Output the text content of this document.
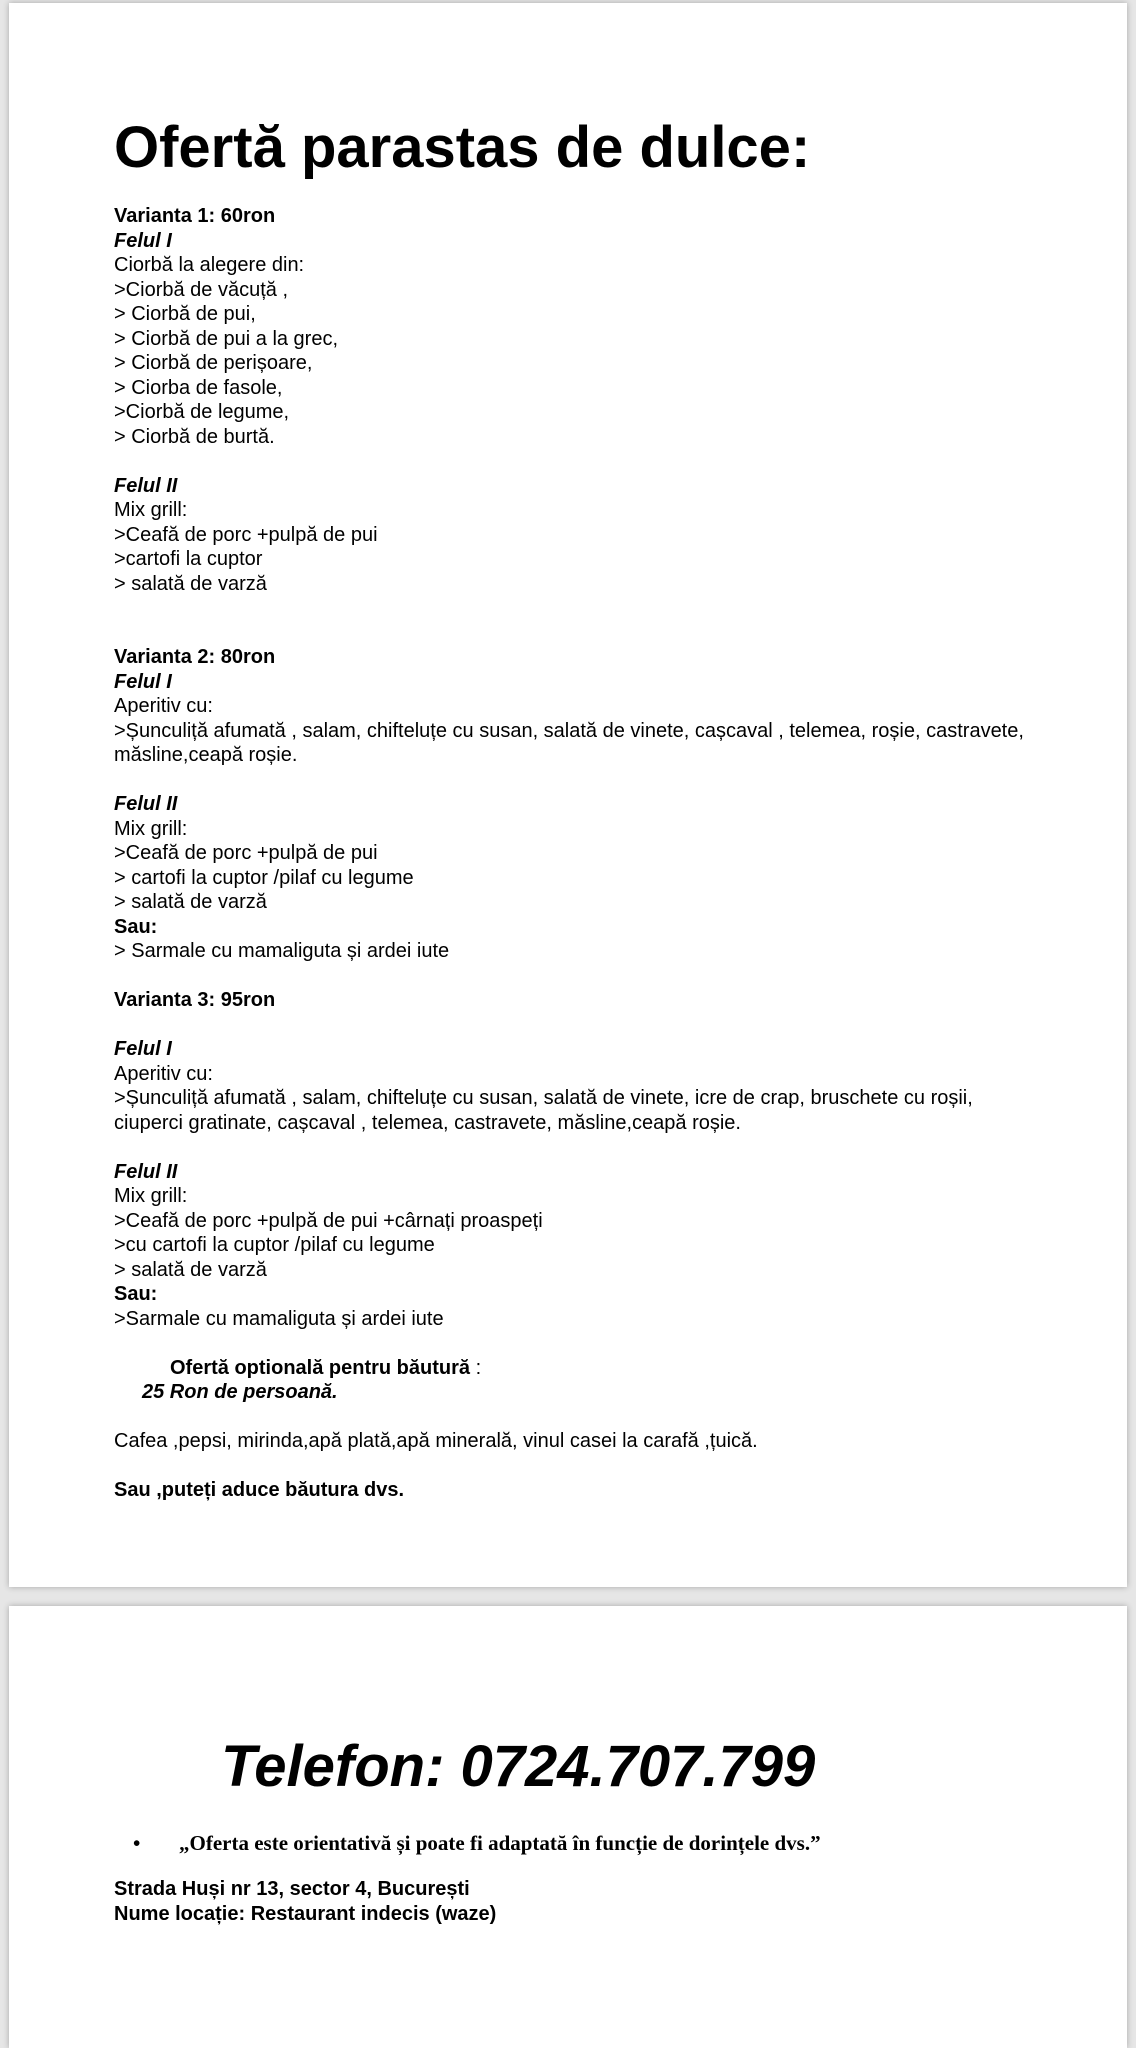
Ofertă parastas de dulce:
Varianta 1: 60ron
Felul I
Ciorbă la alegere din:
>Ciorbă de văcuță ,
> Ciorbă de pui,
> Ciorbă de pui a la grec,
> Ciorbă de perișoare,
> Ciorba de fasole,
>Ciorbă de legume,
> Ciorbă de burtă.
Felul II
Mix grill:
>Ceafă de porc +pulpă de pui
>cartofi la cuptor
> salată de varză
Varianta 2: 80ron
Felul I
Aperitiv cu:
>Șunculiță afumată , salam, chifteluțe cu susan, salată de vinete, cașcaval , telemea, roșie, castravete, măsline,ceapă roșie.
Felul II
Mix grill:
>Ceafă de porc +pulpă de pui
> cartofi la cuptor /pilaf cu legume
> salată de varză
Sau:
> Sarmale cu mamaliguta și ardei iute
Varianta 3: 95ron
Felul I
Aperitiv cu:
>Șunculiță afumată , salam, chifteluțe cu susan, salată de vinete, icre de crap, bruschete cu roșii, ciuperci gratinate, cașcaval , telemea, castravete, măsline,ceapă roșie.
Felul II
Mix grill:
>Ceafă de porc +pulpă de pui +cârnați proaspeți
>cu cartofi la cuptor /pilaf cu legume
> salată de varză
Sau:
>Sarmale cu mamaliguta și ardei iute
Ofertă optională pentru băutură :
25 Ron de persoană.
Cafea ,pepsi, mirinda,apă plată,apă minerală, vinul casei la carafă ,țuică.
Sau ,puteți aduce băutura dvs.
Telefon: 0724.707.799
• „Oferta este orientativă și poate fi adaptată în funcție de dorințele dvs.”
Strada Huși nr 13, sector 4, București
Nume locație: Restaurant indecis (waze)
